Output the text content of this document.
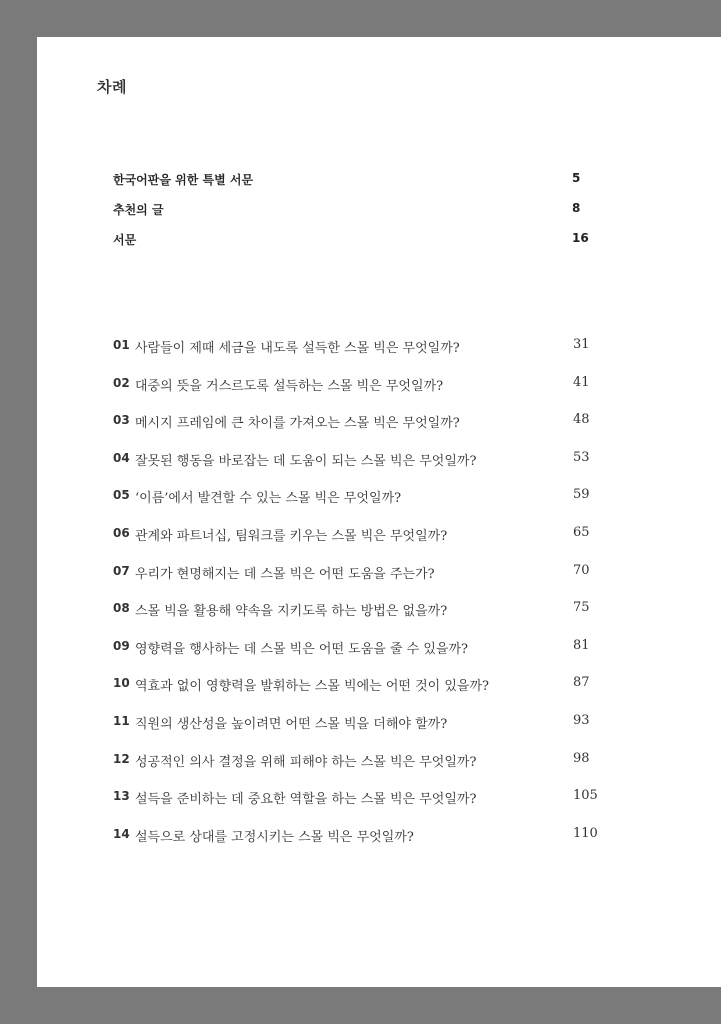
차례
한국어판을 위한 특별 서문	5
추천의 글	8
서문	16
01 사람들이 제때 세금을 내도록 설득한 스몰 빅은 무엇일까?	31
02 대중의 뜻을 거스르도록 설득하는 스몰 빅은 무엇일까?	41
03 메시지 프레임에 큰 차이를 가져오는 스몰 빅은 무엇일까?	48
04 잘못된 행동을 바로잡는 데 도움이 되는 스몰 빅은 무엇일까?	53
05 ‘이름’에서 발견할 수 있는 스몰 빅은 무엇일까?	59
06 관계와 파트너십, 팀워크를 키우는 스몰 빅은 무엇일까?	65
07 우리가 현명해지는 데 스몰 빅은 어떤 도움을 주는가?	70
08 스몰 빅을 활용해 약속을 지키도록 하는 방법은 없을까?	75
09 영향력을 행사하는 데 스몰 빅은 어떤 도움을 줄 수 있을까?	81
10 역효과 없이 영향력을 발휘하는 스몰 빅에는 어떤 것이 있을까?	87
11 직원의 생산성을 높이려면 어떤 스몰 빅을 더해야 할까?	93
12 성공적인 의사 결정을 위해 피해야 하는 스몰 빅은 무엇일까?	98
13 설득을 준비하는 데 중요한 역할을 하는 스몰 빅은 무엇일까?	105
14 설득으로 상대를 고정시키는 스몰 빅은 무엇일까?	110
